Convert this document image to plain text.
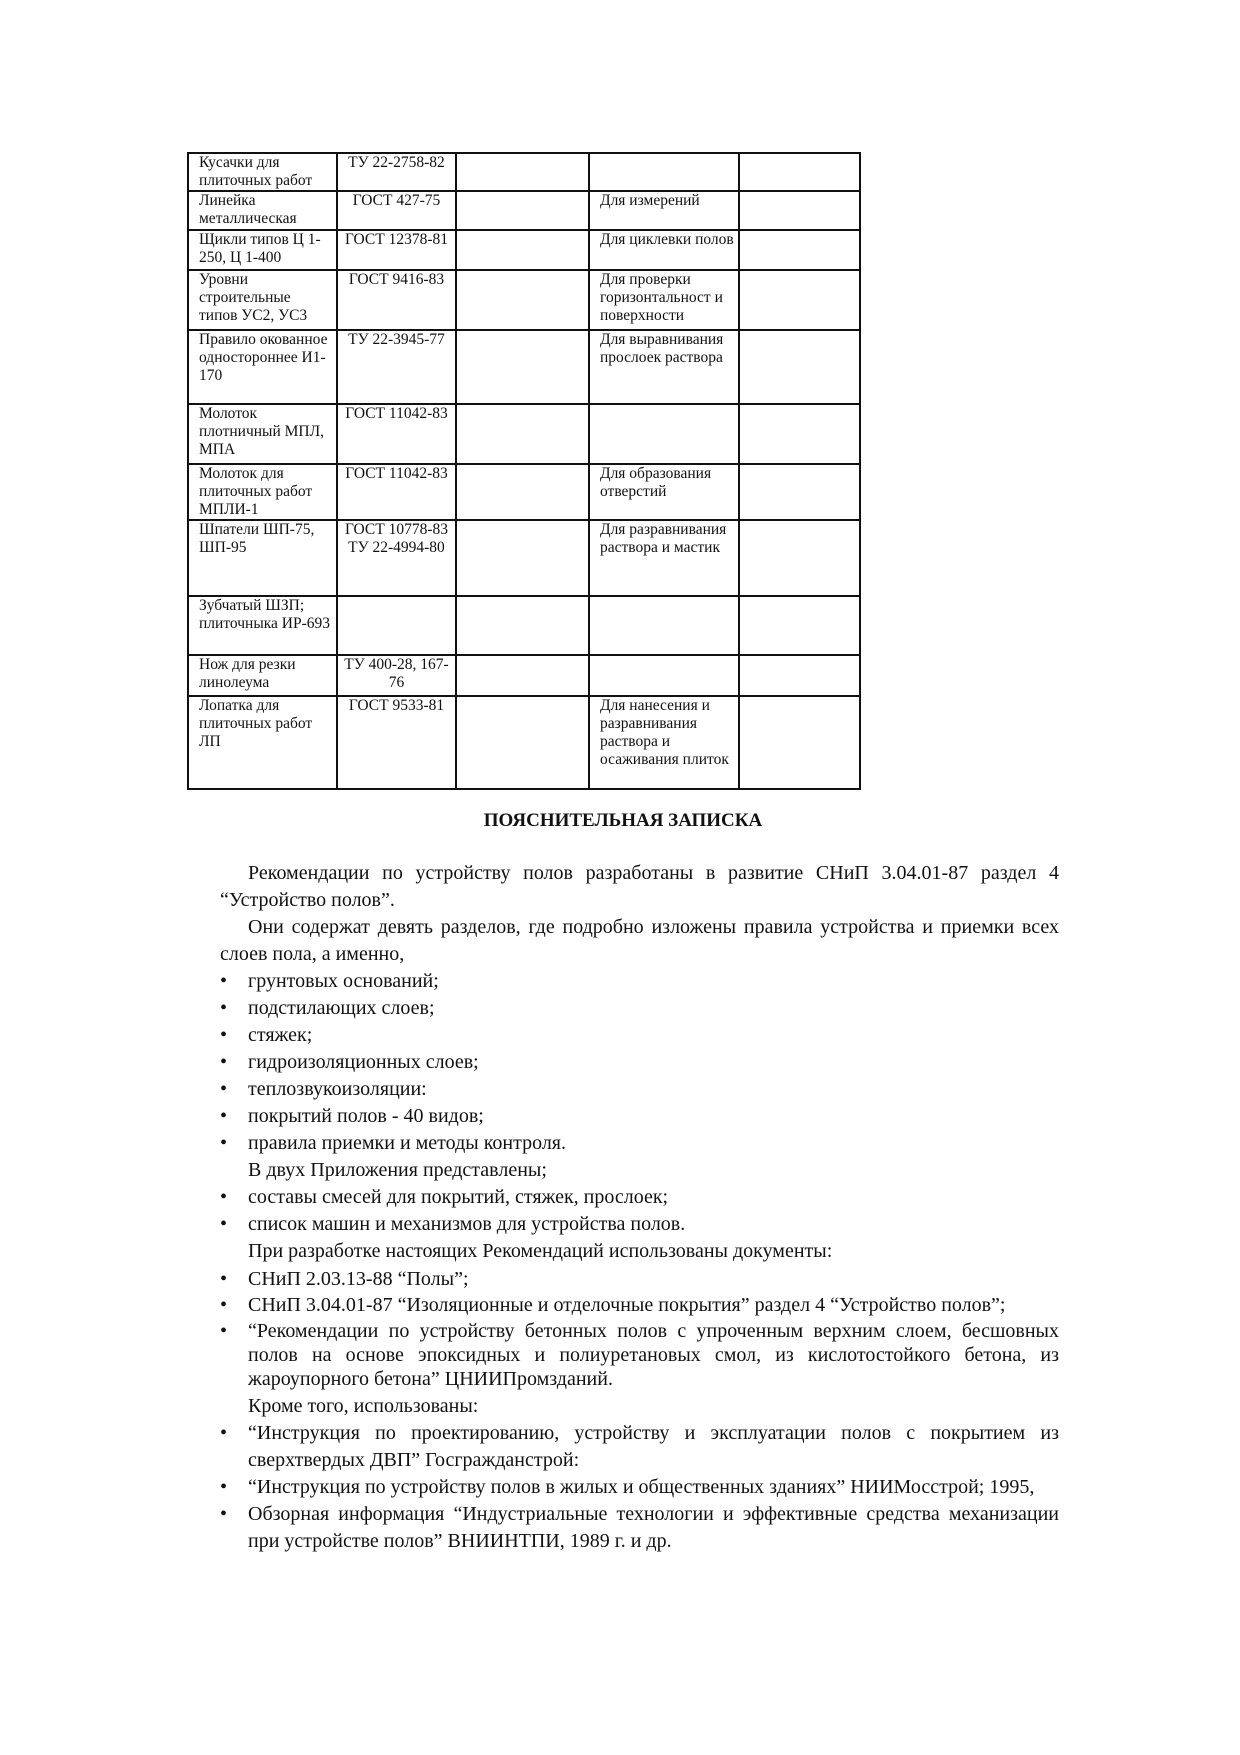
Кусачки для плиточных работ	ТУ 22-2758-82			
Линейка металлическая	ГОСТ 427-75		Для измерений	
Щикли типов Ц 1-250, Ц 1-400	ГОСТ 12378-81		Для циклевки полов	
Уровни строительные типов УС2, УС3	ГОСТ 9416-83		Для проверки горизонтальност и поверхности	
Правило окованное одностороннее И1-170	ТУ 22-3945-77		Для выравнивания прослоек раствора	
Молоток плотничный МПЛ, МПА	ГОСТ 11042-83			
Молоток для плиточных работ МПЛИ-1	ГОСТ 11042-83		Для образования отверстий	
Шпатели ШП-75, ШП-95	ГОСТ 10778-83 ТУ 22-4994-80		Для разравнивания раствора и мастик	
Зубчатый ШЗП; плиточныка ИР-693				
Нож для резки линолеума	ТУ 400-28, 167-76			
Лопатка для плиточных работ ЛП	ГОСТ 9533-81		Для нанесения и разравнивания раствора и осаживания плиток	
ПОЯСНИТЕЛЬНАЯ ЗАПИСКА

Рекомендации по устройству полов разработаны в развитие СНиП 3.04.01-87 раздел 4 “Устройство полов”.

Они содержат девять разделов, где подробно изложены правила устройства и приемки всех слоев пола, а именно,

• грунтовых оснований;
• подстилающих слоев;
• стяжек;
• гидроизоляционных слоев;
• теплозвукоизоляции:
• покрытий полов - 40 видов;
• правила приемки и методы контроля.

В двух Приложения представлены;

• составы смесей для покрытий, стяжек, прослоек;
• список машин и механизмов для устройства полов.

При разработке настоящих Рекомендаций использованы документы:

• СНиП 2.03.13-88 “Полы”;
• СНиП 3.04.01-87 “Изоляционные и отделочные покрытия” раздел 4 “Устройство полов”;
• “Рекомендации по устройству бетонных полов с упроченным верхним слоем, бесшовных полов на основе эпоксидных и полиуретановых смол, из кислотостойкого бетона, из жароупорного бетона” ЦНИИПромзданий.

Кроме того, использованы:

• “Инструкция по проектированию, устройству и эксплуатации полов с покрытием из сверхтвердых ДВП” Госгражданстрой:
• “Инструкция по устройству полов в жилых и общественных зданиях” НИИМосстрой; 1995,
• Обзорная информация “Индустриальные технологии и эффективные средства механизации при устройстве полов” ВНИИНТПИ, 1989 г. и др.
